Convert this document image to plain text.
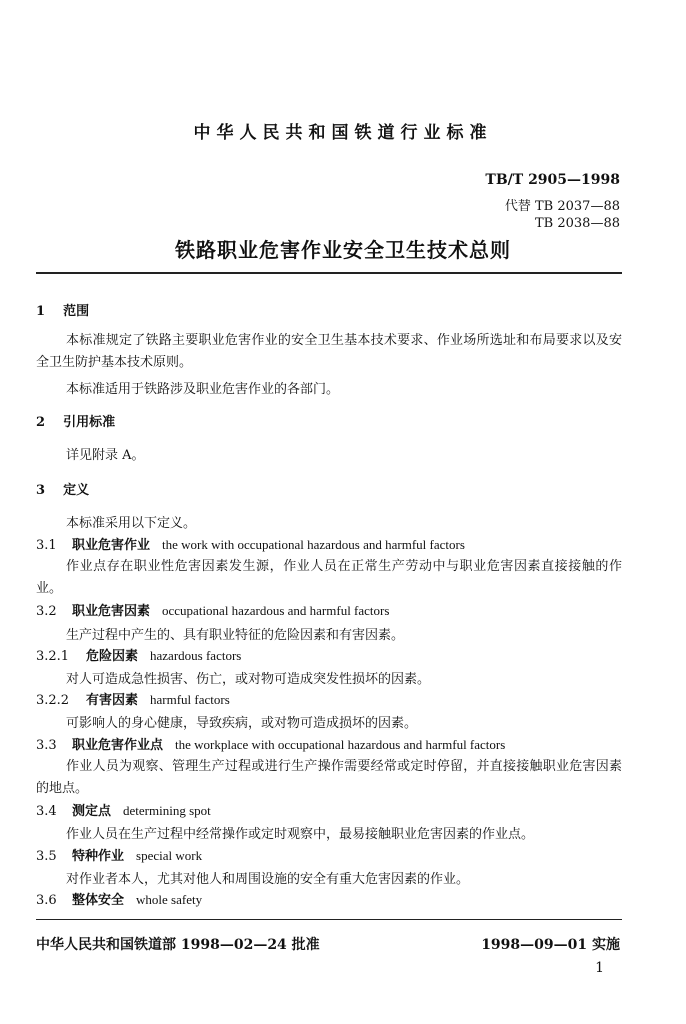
中华人民共和国铁道行业标准
TB/T 2905—1998
代替 TB 2037—88
TB 2038—88
铁路职业危害作业安全卫生技术总则
1 范围
本标准规定了铁路主要职业危害作业的安全卫生基本技术要求、作业场所选址和布局要求以及安全卫生防护基本技术原则。
本标准适用于铁路涉及职业危害作业的各部门。
2 引用标准
详见附录 A。
3 定义
本标准采用以下定义。
3.1 职业危害作业 the work with occupational hazardous and harmful factors
作业点存在职业性危害因素发生源，作业人员在正常生产劳动中与职业危害因素直接接触的作业。
3.2 职业危害因素 occupational hazardous and harmful factors
生产过程中产生的、具有职业特征的危险因素和有害因素。
3.2.1 危险因素 hazardous factors
对人可造成急性损害、伤亡，或对物可造成突发性损坏的因素。
3.2.2 有害因素 harmful factors
可影响人的身心健康，导致疾病，或对物可造成损坏的因素。
3.3 职业危害作业点 the workplace with occupational hazardous and harmful factors
作业人员为观察、管理生产过程或进行生产操作需要经常或定时停留，并直接接触职业危害因素的地点。
3.4 测定点 determining spot
作业人员在生产过程中经常操作或定时观察中，最易接触职业危害因素的作业点。
3.5 特种作业 special work
对作业者本人，尤其对他人和周围设施的安全有重大危害因素的作业。
3.6 整体安全 whole safety
中华人民共和国铁道部 1998—02—24 批准	1998—09—01 实施
1
